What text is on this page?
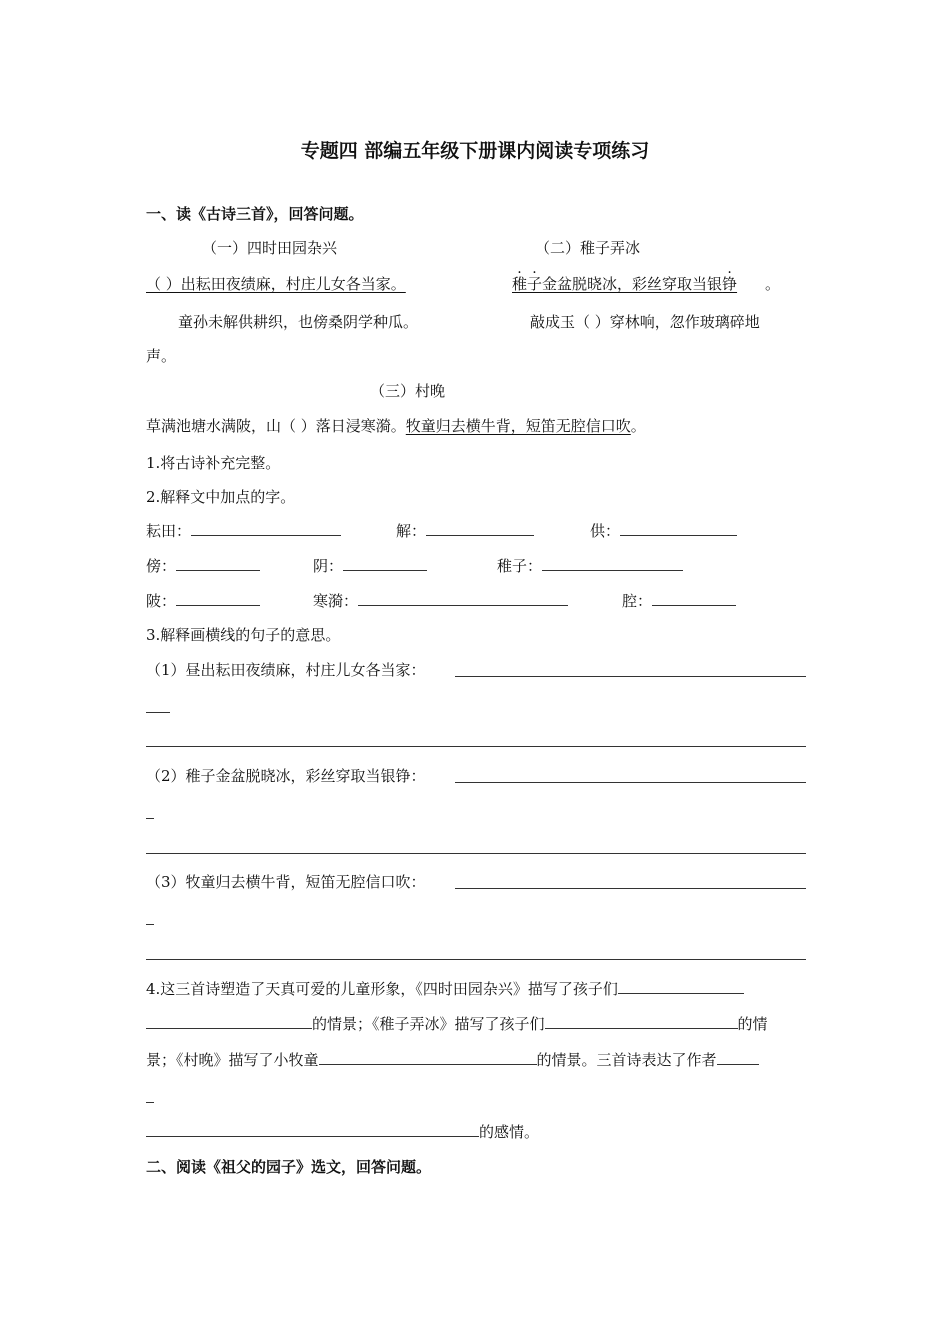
专题四 部编五年级下册课内阅读专项练习
一、读《古诗三首》，回答问题。
（一）四时田园杂兴	（二）稚子弄冰
（ ）出耘田夜绩麻，村庄儿女各当家。	稚子金盆脱晓冰，彩丝穿取当银铮 。
童孙未解供耕织，也傍桑阴学种瓜。	敲成玉（ ）穿林响，忽作玻璃碎地
声。
（三）村晚
草满池塘水满陂，山（ ）落日浸寒漪。牧童归去横牛背，短笛无腔信口吹。
1.将古诗补充完整。
2.解释文中加点的字。
耘田：	解：	供：
傍：	阴：	稚子：
陂：	寒漪：	腔：
3.解释画横线的句子的意思。
（1）昼出耘田夜绩麻，村庄儿女各当家：
（2）稚子金盆脱晓冰，彩丝穿取当银铮：
（3）牧童归去横牛背，短笛无腔信口吹：
4.这三首诗塑造了天真可爱的儿童形象，《四时田园杂兴》描写了孩子们
的情景；《稚子弄冰》描写了孩子们	的情
景；《村晚》描写了小牧童	的情景。三首诗表达了作者
的感情。
二、阅读《祖父的园子》选文，回答问题。
